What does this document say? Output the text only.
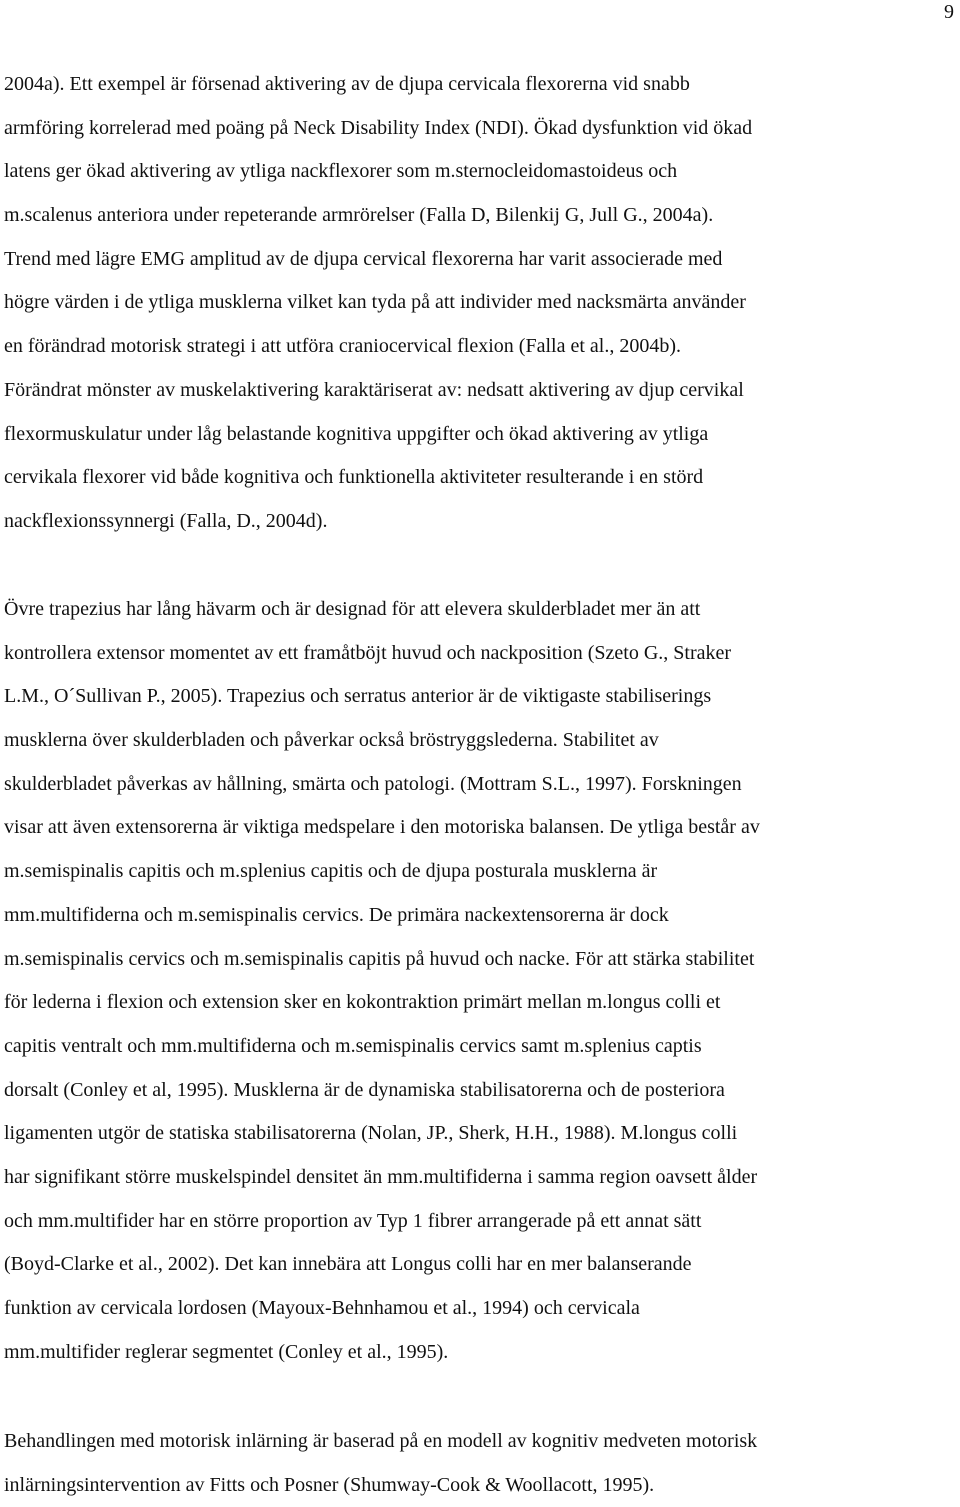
9
2004a). Ett exempel är försenad aktivering av de djupa cervicala flexorerna vid snabb
armföring korrelerad med poäng på Neck Disability Index (NDI). Ökad dysfunktion vid ökad
latens ger ökad aktivering av ytliga nackflexorer som m.sternocleidomastoideus och
m.scalenus anteriora under repeterande armrörelser (Falla D, Bilenkij G, Jull G., 2004a).
Trend med lägre EMG amplitud av de djupa cervical flexorerna har varit associerade med
högre värden i de ytliga musklerna vilket kan tyda på att individer med nacksmärta använder
en förändrad motorisk strategi i att utföra craniocervical flexion (Falla et al., 2004b).
Förändrat mönster av muskelaktivering karaktäriserat av: nedsatt aktivering av djup cervikal
flexormuskulatur under låg belastande kognitiva uppgifter och ökad aktivering av ytliga
cervikala flexorer vid både kognitiva och funktionella aktiviteter resulterande i en störd
nackflexionssynnergi (Falla, D., 2004d).
Övre trapezius har lång hävarm och är designad för att elevera skulderbladet mer än att
kontrollera extensor momentet av ett framåtböjt huvud och nackposition (Szeto G., Straker
L.M., O´Sullivan P., 2005). Trapezius och serratus anterior är de viktigaste stabiliserings
musklerna över skulderbladen och påverkar också bröstryggslederna. Stabilitet av
skulderbladet påverkas av hållning, smärta och patologi. (Mottram S.L., 1997). Forskningen
visar att även extensorerna är viktiga medspelare i den motoriska balansen. De ytliga består av
m.semispinalis capitis och m.splenius capitis och de djupa posturala musklerna är
mm.multifiderna och m.semispinalis cervics. De primära nackextensorerna är dock
m.semispinalis cervics och m.semispinalis capitis på huvud och nacke. För att stärka stabilitet
för lederna i flexion och extension sker en kokontraktion primärt mellan m.longus colli et
capitis ventralt och mm.multifiderna och m.semispinalis cervics samt m.splenius captis
dorsalt (Conley et al, 1995). Musklerna är de dynamiska stabilisatorerna och de posteriora
ligamenten utgör de statiska stabilisatorerna (Nolan, JP., Sherk, H.H., 1988). M.longus colli
har signifikant större muskelspindel densitet än mm.multifiderna i samma region oavsett ålder
och mm.multifider har en större proportion av Typ 1 fibrer arrangerade på ett annat sätt
(Boyd-Clarke et al., 2002). Det kan innebära att Longus colli har en mer balanserande
funktion av cervicala lordosen (Mayoux-Behnhamou et al., 1994) och cervicala
mm.multifider reglerar segmentet (Conley et al., 1995).
Behandlingen med motorisk inlärning är baserad på en modell av kognitiv medveten motorisk
inlärningsintervention av Fitts och Posner (Shumway-Cook & Woollacott, 1995).
